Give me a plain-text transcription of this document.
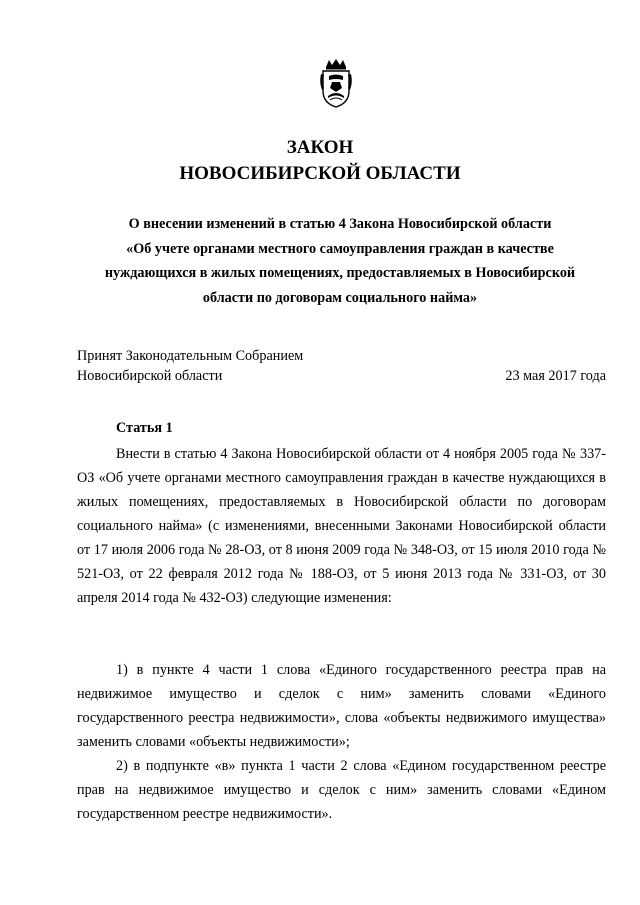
ЗАКОН
НОВОСИБИРСКОЙ ОБЛАСТИ
О внесении изменений в статью 4 Закона Новосибирской области
«Об учете органами местного самоуправления граждан в качестве
нуждающихся в жилых помещениях, предоставляемых в Новосибирской
области по договорам социального найма»
Принят Законодательным Собранием
Новосибирской области	23 мая 2017 года
Статья 1

Внести в статью 4 Закона Новосибирской области от 4 ноября 2005 года № 337-ОЗ «Об учете органами местного самоуправления граждан в качестве нуждающихся в жилых помещениях, предоставляемых в Новосибирской области по договорам социального найма» (с изменениями, внесенными Законами Новосибирской области от 17 июля 2006 года № 28-ОЗ, от 8 июня 2009 года № 348-ОЗ, от 15 июля 2010 года № 521-ОЗ, от 22 февраля 2012 года № 188-ОЗ, от 5 июня 2013 года № 331-ОЗ, от 30 апреля 2014 года № 432-ОЗ) следующие изменения:

1) в пункте 4 части 1 слова «Единого государственного реестра прав на недвижимое имущество и сделок с ним» заменить словами «Единого государственного реестра недвижимости», слова «объекты недвижимого имущества» заменить словами «объекты недвижимости»;

2) в подпункте «в» пункта 1 части 2 слова «Едином государственном реестре прав на недвижимое имущество и сделок с ним» заменить словами «Едином государственном реестре недвижимости».
